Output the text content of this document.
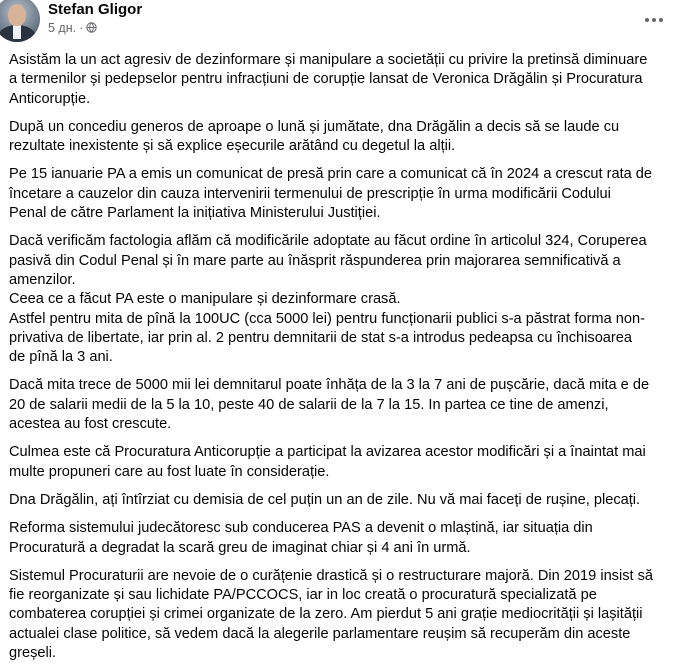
Stefan Gligor
5 дн. ·

Asistăm la un act agresiv de dezinformare și manipulare a societății cu privire la pretinsă diminuare
a termenilor și pedepselor pentru infracțiuni de corupție lansat de Veronica Drăgălin și Procuratura
Anticorupție.

După un concediu generos de aproape o lună și jumătate, dna Drăgălin a decis să se laude cu
rezultate inexistente și să explice eșecurile arătând cu degetul la alții.

Pe 15 ianuarie PA a emis un comunicat de presă prin care a comunicat că în 2024 a crescut rata de
încetare a cauzelor din cauza intervenirii termenului de prescripție în urma modificării Codului
Penal de către Parlament la inițiativa Ministerului Justiției.

Dacă verificăm factologia aflăm că modificările adoptate au făcut ordine în articolul 324, Coruperea
pasivă din Codul Penal și în mare parte au înăsprit răspunderea prin majorarea semnificativă a
amenzilor.
Ceea ce a făcut PA este o manipulare și dezinformare crasă.
Astfel pentru mita de pînă la 100UC (cca 5000 lei) pentru funcționarii publici s-a păstrat forma non-
privativa de libertate, iar prin al. 2 pentru demnitarii de stat s-a introdus pedeapsa cu închisoarea
de pînă la 3 ani.

Dacă mita trece de 5000 mii lei demnitarul poate înhăța de la 3 la 7 ani de pușcărie, dacă mita e de
20 de salarii medii de la 5 la 10, peste 40 de salarii de la 7 la 15. In partea ce tine de amenzi,
acestea au fost crescute.

Culmea este că Procuratura Anticorupție a participat la avizarea acestor modificări și a înaintat mai
multe propuneri care au fost luate în considerație.

Dna Drăgălin, ați întîrziat cu demisia de cel puțin un an de zile. Nu vă mai faceți de rușine, plecați.

Reforma sistemului judecătoresc sub conducerea PAS a devenit o mlaștină, iar situația din
Procuratură a degradat la scară greu de imaginat chiar și 4 ani în urmă.

Sistemul Procuraturii are nevoie de o curățenie drastică și o restructurare majoră. Din 2019 insist să
fie reorganizate și sau lichidate PA/PCCOCS, iar in loc creată o procuratură specializată pe
combaterea corupției și crimei organizate de la zero. Am pierdut 5 ani grație mediocrității și lașității
actualei clase politice, să vedem dacă la alegerile parlamentare reușim să recuperăm din aceste
greșeli.
